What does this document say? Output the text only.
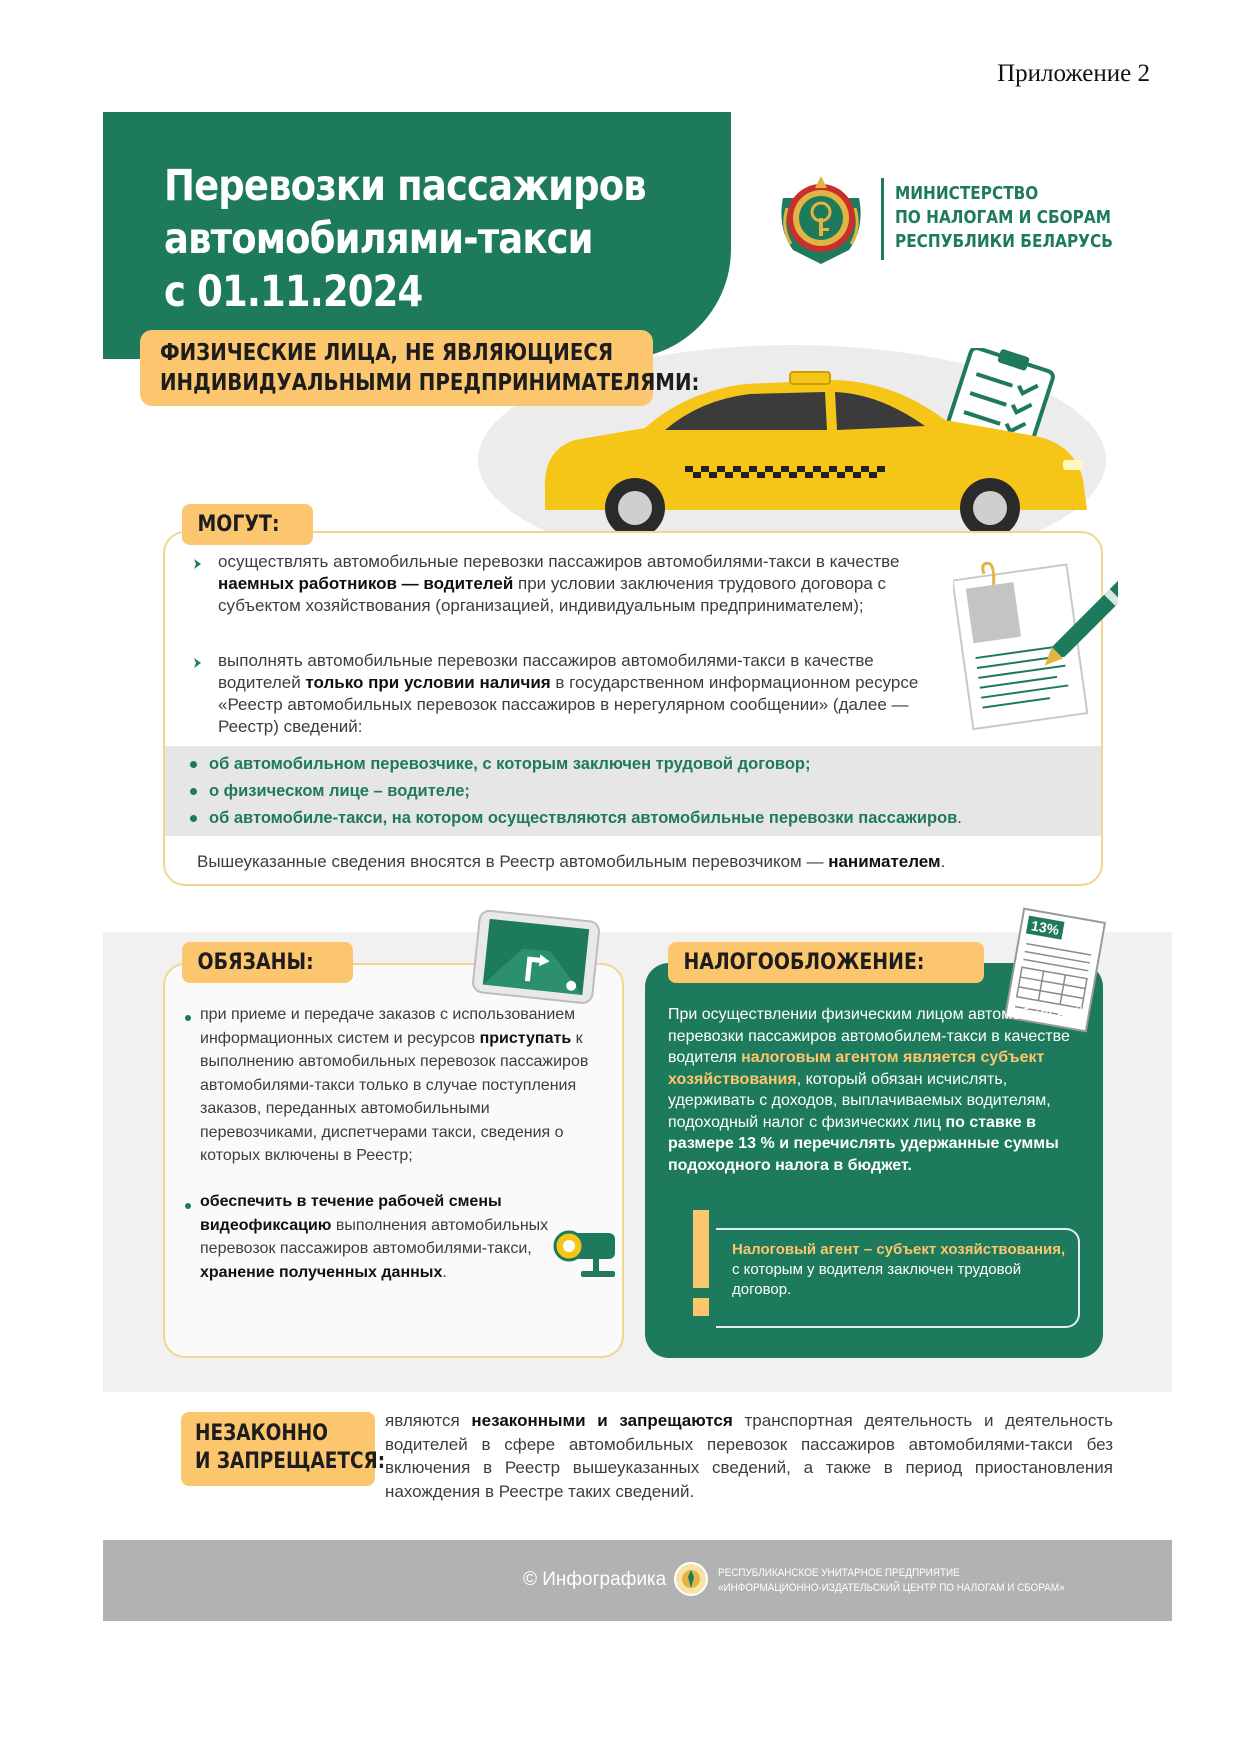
Приложение 2
Перевозки пассажиров
автомобилями-такси
с 01.11.2024
МИНИСТЕРСТВО
ПО НАЛОГАМ И СБОРАМ
РЕСПУБЛИКИ БЕЛАРУСЬ
ФИЗИЧЕСКИЕ ЛИЦА, НЕ ЯВЛЯЮЩИЕСЯ
ИНДИВИДУАЛЬНЫМИ ПРЕДПРИНИМАТЕЛЯМИ:
МОГУТ:
осуществлять автомобильные перевозки пассажиров автомобилями-такси в качестве наемных работников — водителей при условии заключения трудового договора с субъектом хозяйствования (организацией, индивидуальным предпринимателем);
выполнять автомобильные перевозки пассажиров автомобилями-такси в качестве водителей только при условии наличия в государственном информационном ресурсе «Реестр автомобильных перевозок пассажиров в нерегулярном сообщении» (далее — Реестр) сведений:
об автомобильном перевозчике, с которым заключен трудовой договор;
о физическом лице – водителе;
об автомобиле-такси, на котором осуществляются автомобильные перевозки пассажиров.
Вышеуказанные сведения вносятся в Реестр автомобильным перевозчиком — нанимателем.
ОБЯЗАНЫ:
при приеме и передаче заказов с использованием информационных систем и ресурсов приступать к выполнению автомобильных перевозок пассажиров автомобилями-такси только в случае поступления заказов, переданных автомобильными перевозчиками, диспетчерами такси, сведения о которых включены в Реестр;
обеспечить в течение рабочей смены видеофиксацию выполнения автомобильных перевозок пассажиров автомобилями-такси, хранение полученных данных.
НАЛОГООБЛОЖЕНИЕ:
13%
При осуществлении физическим лицом автомобильной перевозки пассажиров автомобилем-такси в качестве водителя налоговым агентом является субъект хозяйствования, который обязан исчислять, удерживать с доходов, выплачиваемых водителям, подоходный налог с физических лиц по ставке в размере 13 % и перечислять удержанные суммы подоходного налога в бюджет.
Налоговый агент – субъект хозяйствования, с которым у водителя заключен трудовой договор.
НЕЗАКОННО
И ЗАПРЕЩАЕТСЯ:
являются незаконными и запрещаются транспортная деятельность и деятельность водителей в сфере автомобильных перевозок пассажиров автомобилями-такси без включения в Реестр вышеуказанных сведений, а также в период приостановления нахождения в Реестре таких сведений.
© Инфографика	РЕСПУБЛИКАНСКОЕ УНИТАРНОЕ ПРЕДПРИЯТИЕ
«ИНФОРМАЦИОННО-ИЗДАТЕЛЬСКИЙ ЦЕНТР ПО НАЛОГАМ И СБОРАМ»
